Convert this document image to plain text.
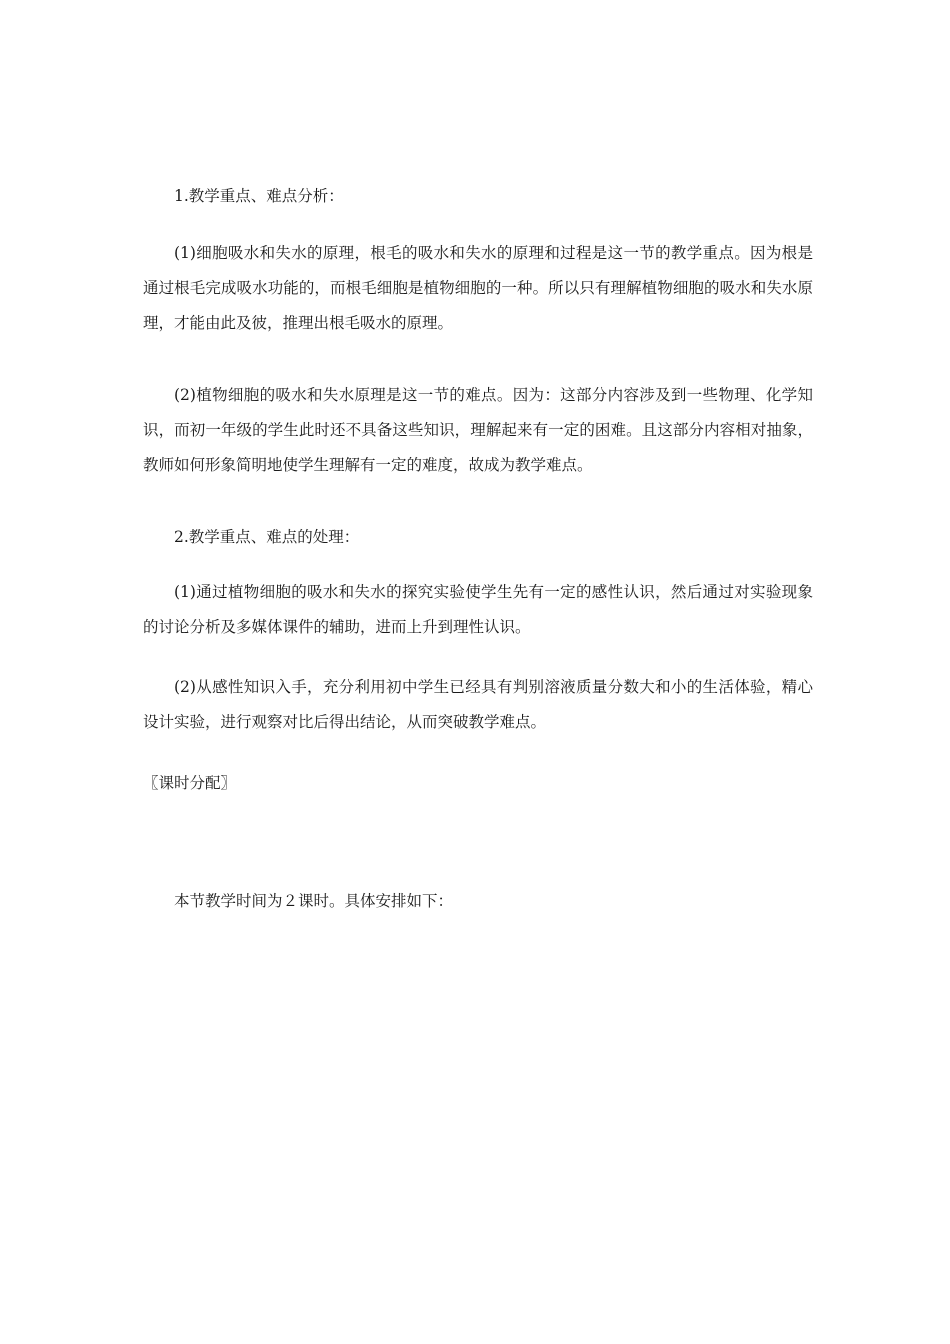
1.教学重点、难点分析：

(1)细胞吸水和失水的原理，根毛的吸水和失水的原理和过程是这一节的教学重点。因为根是通过根毛完成吸水功能的，而根毛细胞是植物细胞的一种。所以只有理解植物细胞的吸水和失水原理，才能由此及彼，推理出根毛吸水的原理。

(2)植物细胞的吸水和失水原理是这一节的难点。因为：这部分内容涉及到一些物理、化学知识，而初一年级的学生此时还不具备这些知识，理解起来有一定的困难。且这部分内容相对抽象，教师如何形象简明地使学生理解有一定的难度，故成为教学难点。

2.教学重点、难点的处理：

(1)通过植物细胞的吸水和失水的探究实验使学生先有一定的感性认识，然后通过对实验现象的讨论分析及多媒体课件的辅助，进而上升到理性认识。

(2)从感性知识入手，充分利用初中学生已经具有判别溶液质量分数大和小的生活体验，精心设计实验，进行观察对比后得出结论，从而突破教学难点。

〖课时分配〗

本节教学时间为２课时。具体安排如下：
